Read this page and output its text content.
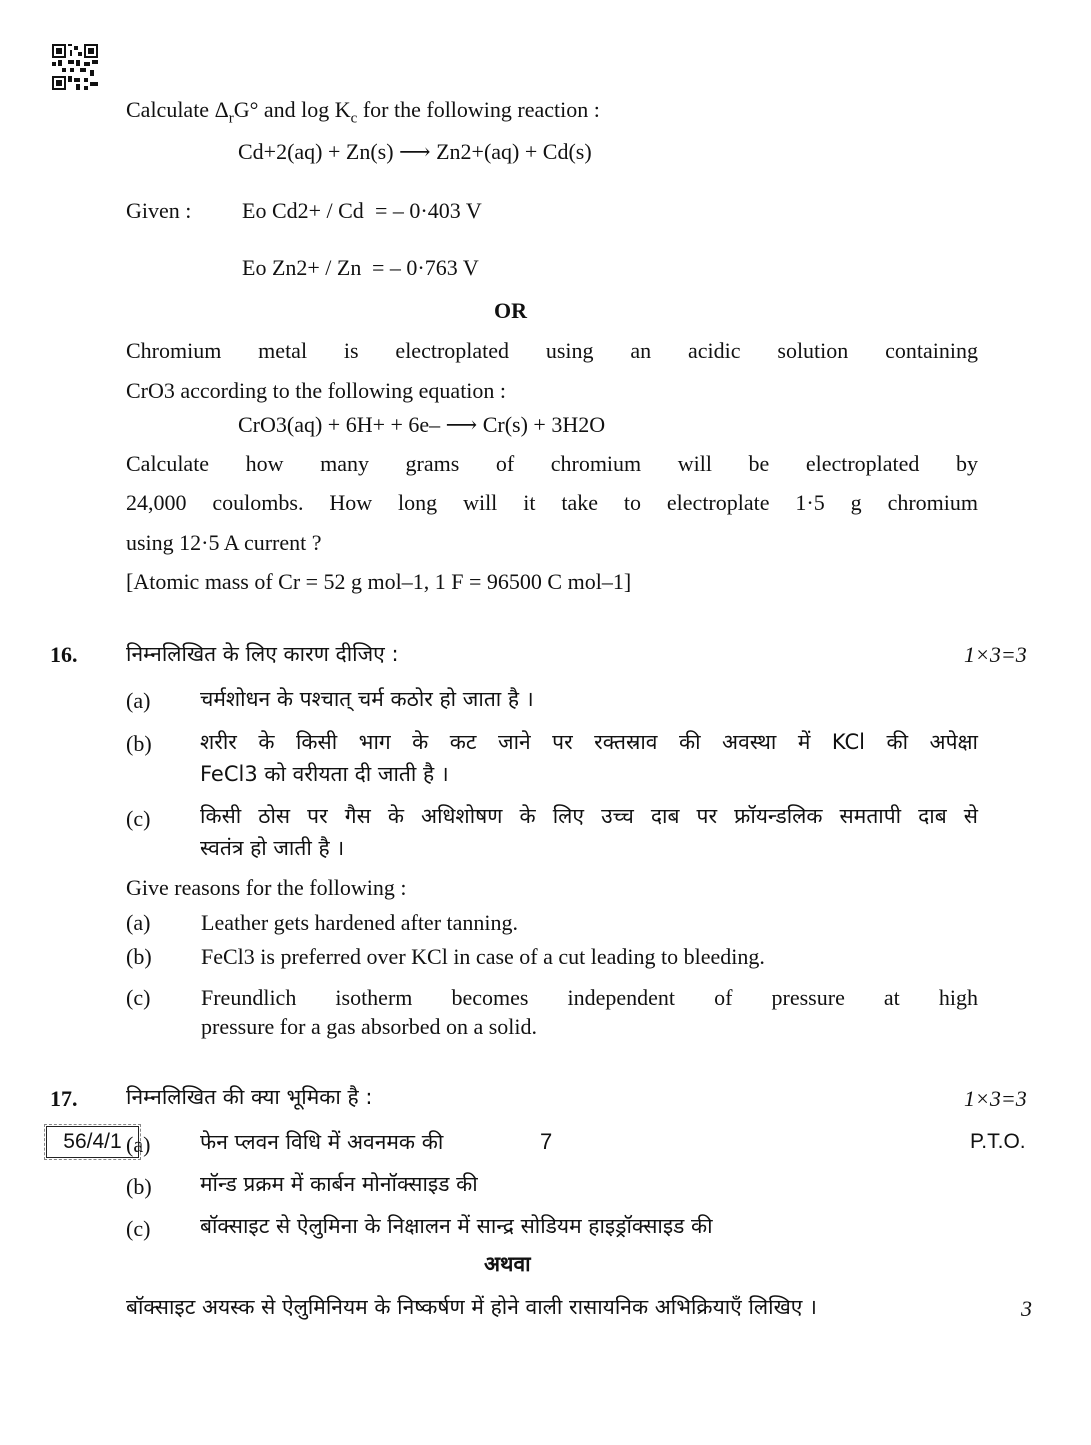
Calculate $\Delta_rG^\circ$ and $\log K_c$ for the following reaction :
Cd+2(aq) + Zn(s) ⟶ Zn2+(aq) + Cd(s)
Given : Eo Cd2+ / Cd = – 0·403 V
Eo Zn2+ / Zn = – 0·763 V
OR
Chromium metal is electroplated using an acidic solution containing
CrO3 according to the following equation :
CrO3(aq) + 6H+ + 6e– ⟶ Cr(s) + 3H2O
Calculate how many grams of chromium will be electroplated by
24,000 coulombs. How long will it take to electroplate 1·5 g chromium
using 12·5 A current ?
[Atomic mass of Cr = 52 g mol–1, 1 F = 96500 C mol–1]
16. निम्नलिखित के लिए कारण दीजिए :	1×3=3
(a) चर्मशोधन के पश्चात् चर्म कठोर हो जाता है ।
(b) शरीर के किसी भाग के कट जाने पर रक्तस्राव की अवस्था में KCl की अपेक्षा
FeCl3 को वरीयता दी जाती है ।
(c) किसी ठोस पर गैस के अधिशोषण के लिए उच्च दाब पर फ्रॉयन्डलिक समतापी दाब से
स्वतंत्र हो जाती है ।
Give reasons for the following :
(a) Leather gets hardened after tanning.
(b) FeCl3 is preferred over KCl in case of a cut leading to bleeding.
(c) Freundlich isotherm becomes independent of pressure at high
pressure for a gas absorbed on a solid.
17. निम्नलिखित की क्या भूमिका है :	1×3=3
(a) फेन प्लवन विधि में अवनमक की
(b) मॉन्ड प्रक्रम में कार्बन मोनॉक्साइड की
(c) बॉक्साइट से ऐलुमिना के निक्षालन में सान्द्र सोडियम हाइड्रॉक्साइड की
अथवा
बॉक्साइट अयस्क से ऐलुमिनियम के निष्कर्षण में होने वाली रासायनिक अभिक्रियाएँ लिखिए ।	3
56/4/1	7	P.T.O.
